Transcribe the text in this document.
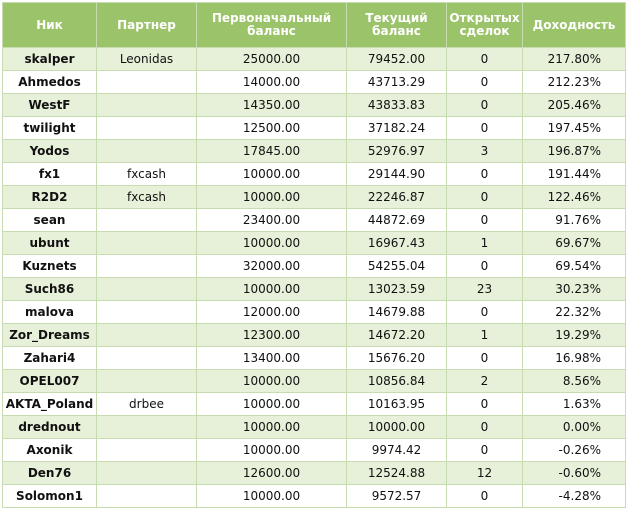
Ник	Партнер	Первоначальный баланс	Текущий баланс	Открытых сделок	Доходность
skalper	Leonidas	25000.00	79452.00	0	217.80%
Ahmedos		14000.00	43713.29	0	212.23%
WestF		14350.00	43833.83	0	205.46%
twilight		12500.00	37182.24	0	197.45%
Yodos		17845.00	52976.97	3	196.87%
fx1	fxcash	10000.00	29144.90	0	191.44%
R2D2	fxcash	10000.00	22246.87	0	122.46%
sean		23400.00	44872.69	0	91.76%
ubunt		10000.00	16967.43	1	69.67%
Kuznets		32000.00	54255.04	0	69.54%
Such86		10000.00	13023.59	23	30.23%
malova		12000.00	14679.88	0	22.32%
Zor_Dreams		12300.00	14672.20	1	19.29%
Zahari4		13400.00	15676.20	0	16.98%
OPEL007		10000.00	10856.84	2	8.56%
AKTA_Poland	drbee	10000.00	10163.95	0	1.63%
drednout		10000.00	10000.00	0	0.00%
Axonik		10000.00	9974.42	0	-0.26%
Den76		12600.00	12524.88	12	-0.60%
Solomon1		10000.00	9572.57	0	-4.28%
